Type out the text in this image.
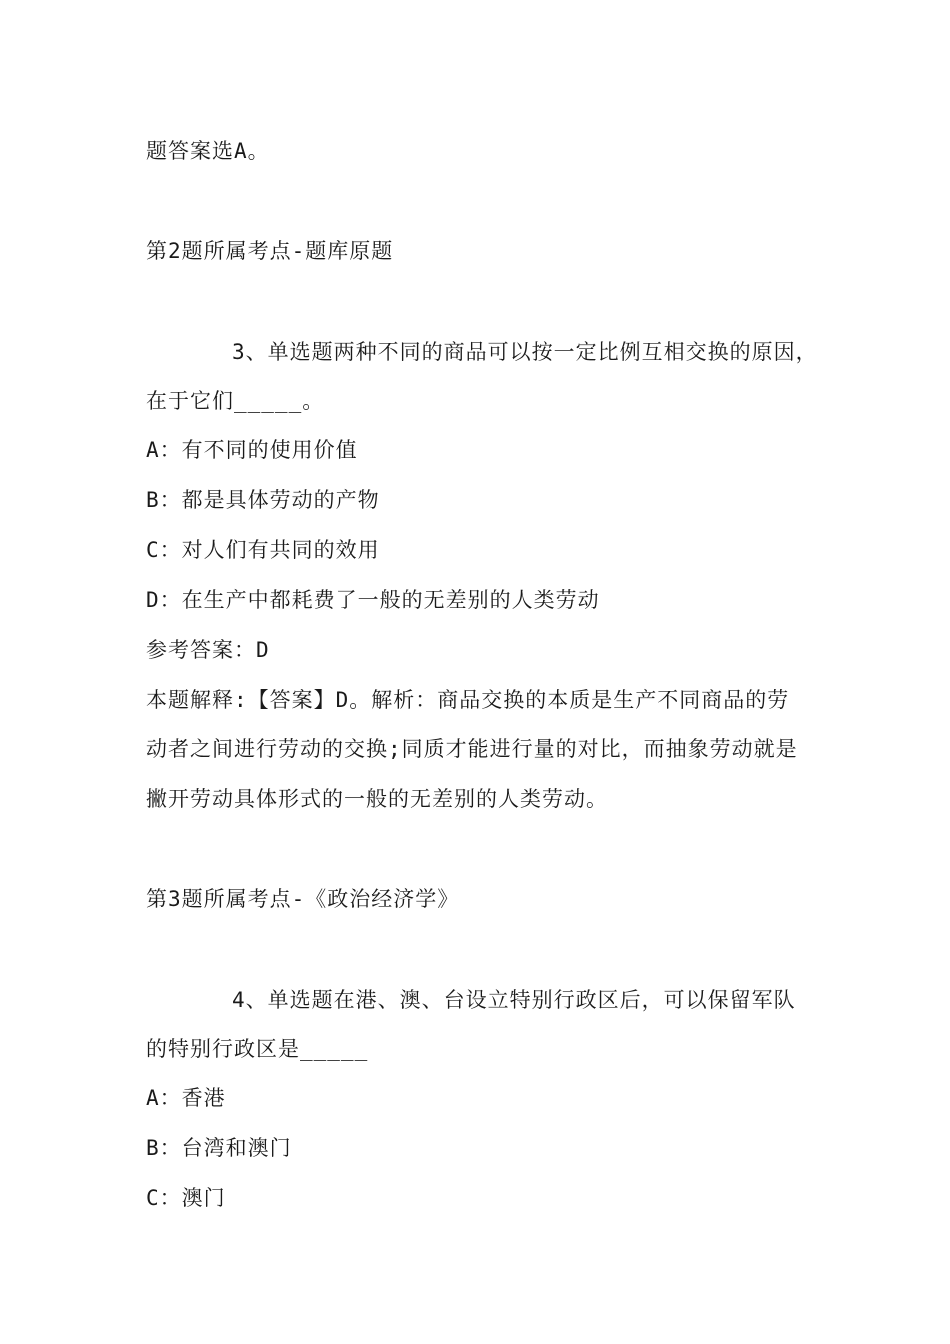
题答案选A。
第2题所属考点-题库原题
3、单选题两种不同的商品可以按一定比例互相交换的原因，
在于它们_____。
A：有不同的使用价值
B：都是具体劳动的产物
C：对人们有共同的效用
D：在生产中都耗费了一般的无差别的人类劳动
参考答案：D
本题解释:【答案】D。解析：商品交换的本质是生产不同商品的劳
动者之间进行劳动的交换;同质才能进行量的对比，而抽象劳动就是
撇开劳动具体形式的一般的无差别的人类劳动。
第3题所属考点-《政治经济学》
4、单选题在港、澳、台设立特别行政区后，可以保留军队
的特别行政区是_____
A：香港
B：台湾和澳门
C：澳门
